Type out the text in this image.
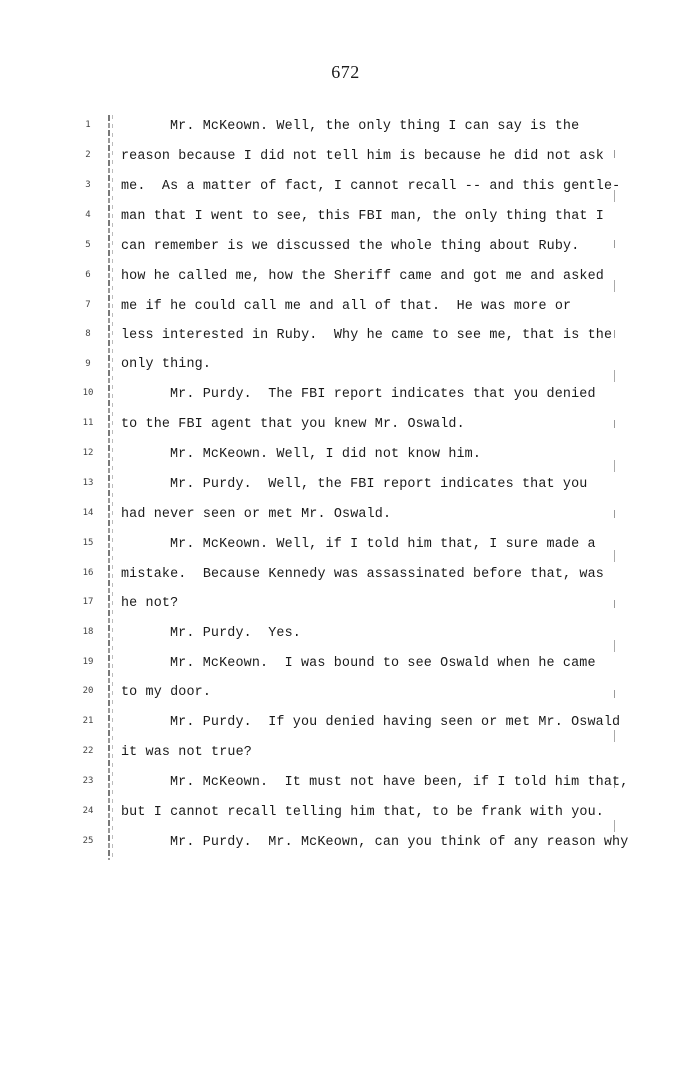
672
1
2
3
4
5
6
7
8
9
10
11
12
13
14
15
16
17
18
19
20
21
22
23
24
25
Mr. McKeown. Well, the only thing I can say is the
reason because I did not tell him is because he did not ask
me.  As a matter of fact, I cannot recall -- and this gentle-
man that I went to see, this FBI man, the only thing that I
can remember is we discussed the whole thing about Ruby.
how he called me, how the Sheriff came and got me and asked
me if he could call me and all of that.  He was more or
less interested in Ruby.  Why he came to see me, that is the
only thing.
Mr. Purdy.  The FBI report indicates that you denied
to the FBI agent that you knew Mr. Oswald.
Mr. McKeown. Well, I did not know him.
Mr. Purdy.  Well, the FBI report indicates that you
had never seen or met Mr. Oswald.
Mr. McKeown. Well, if I told him that, I sure made a
mistake.  Because Kennedy was assassinated before that, was
he not?
Mr. Purdy.  Yes.
Mr. McKeown.  I was bound to see Oswald when he came
to my door.
Mr. Purdy.  If you denied having seen or met Mr. Oswald
it was not true?
Mr. McKeown.  It must not have been, if I told him that,
but I cannot recall telling him that, to be frank with you.
Mr. Purdy.  Mr. McKeown, can you think of any reason why
